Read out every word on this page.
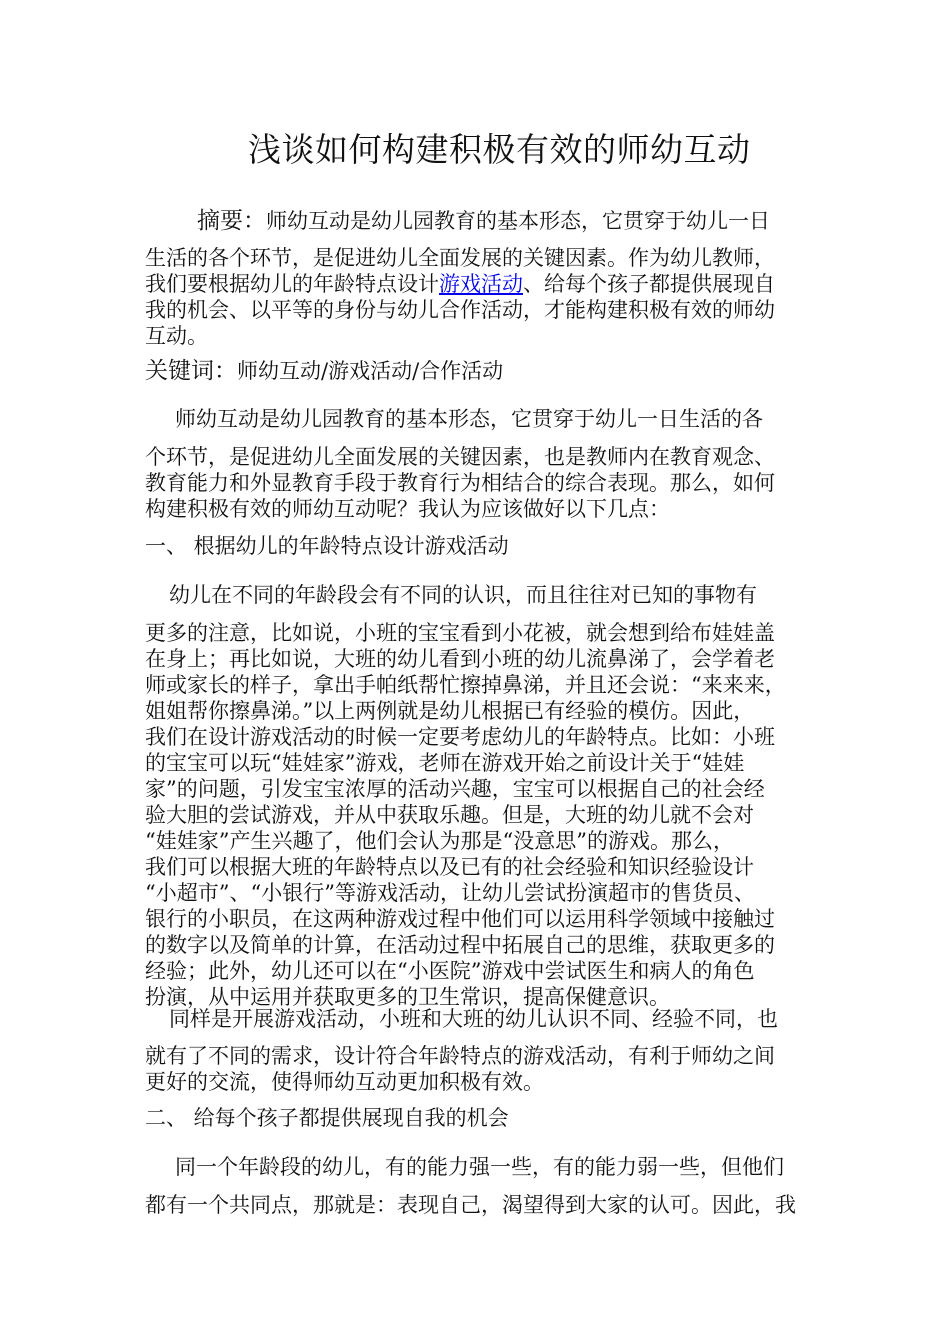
浅谈如何构建积极有效的师幼互动
摘要：师幼互动是幼儿园教育的基本形态，它贯穿于幼儿一日
生活的各个环节，是促进幼儿全面发展的关键因素。作为幼儿教师，
我们要根据幼儿的年龄特点设计游戏活动、给每个孩子都提供展现自
我的机会、以平等的身份与幼儿合作活动，才能构建积极有效的师幼
互动。
关键词：师幼互动/游戏活动/合作活动
师幼互动是幼儿园教育的基本形态，它贯穿于幼儿一日生活的各
个环节，是促进幼儿全面发展的关键因素，也是教师内在教育观念、
教育能力和外显教育手段于教育行为相结合的综合表现。那么，如何
构建积极有效的师幼互动呢？我认为应该做好以下几点：
一、 根据幼儿的年龄特点设计游戏活动
幼儿在不同的年龄段会有不同的认识，而且往往对已知的事物有
更多的注意，比如说，小班的宝宝看到小花被，就会想到给布娃娃盖
在身上；再比如说，大班的幼儿看到小班的幼儿流鼻涕了，会学着老
师或家长的样子，拿出手帕纸帮忙擦掉鼻涕，并且还会说：“来来来，
姐姐帮你擦鼻涕。”以上两例就是幼儿根据已有经验的模仿。因此，
我们在设计游戏活动的时候一定要考虑幼儿的年龄特点。比如：小班
的宝宝可以玩“娃娃家”游戏，老师在游戏开始之前设计关于“娃娃
家”的问题，引发宝宝浓厚的活动兴趣，宝宝可以根据自己的社会经
验大胆的尝试游戏，并从中获取乐趣。但是，大班的幼儿就不会对
“娃娃家”产生兴趣了，他们会认为那是“没意思”的游戏。那么，
我们可以根据大班的年龄特点以及已有的社会经验和知识经验设计
“小超市”、“小银行”等游戏活动，让幼儿尝试扮演超市的售货员、
银行的小职员，在这两种游戏过程中他们可以运用科学领域中接触过
的数字以及简单的计算，在活动过程中拓展自己的思维，获取更多的
经验；此外，幼儿还可以在“小医院”游戏中尝试医生和病人的角色
扮演，从中运用并获取更多的卫生常识，提高保健意识。
同样是开展游戏活动，小班和大班的幼儿认识不同、经验不同，也
就有了不同的需求，设计符合年龄特点的游戏活动，有利于师幼之间
更好的交流，使得师幼互动更加积极有效。
二、 给每个孩子都提供展现自我的机会
同一个年龄段的幼儿，有的能力强一些，有的能力弱一些，但他们
都有一个共同点，那就是：表现自己，渴望得到大家的认可。因此，我
